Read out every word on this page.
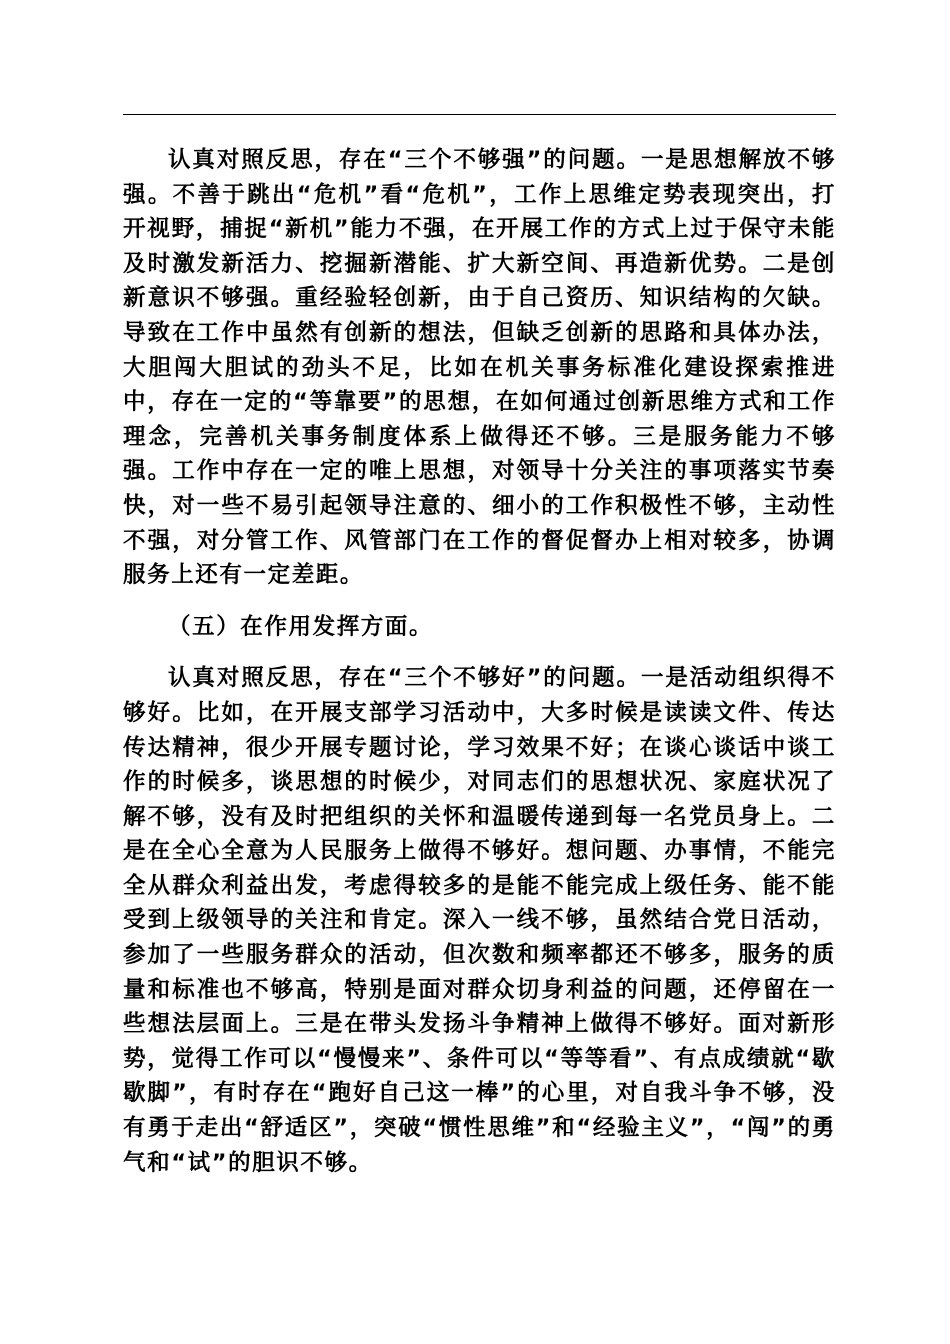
认真对照反思，存在“三个不够强”的问题。一是思想解放不够强。不善于跳出“危机”看“危机”，工作上思维定势表现突出，打开视野，捕捉“新机”能力不强，在开展工作的方式上过于保守未能及时激发新活力、挖掘新潜能、扩大新空间、再造新优势。二是创新意识不够强。重经验轻创新，由于自己资历、知识结构的欠缺。导致在工作中虽然有创新的想法，但缺乏创新的思路和具体办法，大胆闯大胆试的劲头不足，比如在机关事务标准化建设探索推进中，存在一定的“等靠要”的思想，在如何通过创新思维方式和工作理念，完善机关事务制度体系上做得还不够。三是服务能力不够强。工作中存在一定的唯上思想，对领导十分关注的事项落实节奏快，对一些不易引起领导注意的、细小的工作积极性不够，主动性不强，对分管工作、风管部门在工作的督促督办上相对较多，协调服务上还有一定差距。

（五）在作用发挥方面。

认真对照反思，存在“三个不够好”的问题。一是活动组织得不够好。比如，在开展支部学习活动中，大多时候是读读文件、传达传达精神，很少开展专题讨论，学习效果不好；在谈心谈话中谈工作的时候多，谈思想的时候少，对同志们的思想状况、家庭状况了解不够，没有及时把组织的关怀和温暖传递到每一名党员身上。二是在全心全意为人民服务上做得不够好。想问题、办事情，不能完全从群众利益出发，考虑得较多的是能不能完成上级任务、能不能受到上级领导的关注和肯定。深入一线不够，虽然结合党日活动，参加了一些服务群众的活动，但次数和频率都还不够多，服务的质量和标准也不够高，特别是面对群众切身利益的问题，还停留在一些想法层面上。三是在带头发扬斗争精神上做得不够好。面对新形势，觉得工作可以“慢慢来”、条件可以“等等看”、有点成绩就“歇歇脚”，有时存在“跑好自己这一棒”的心里，对自我斗争不够，没有勇于走出“舒适区”，突破“惯性思维”和“经验主义”，“闯”的勇气和“试”的胆识不够。
